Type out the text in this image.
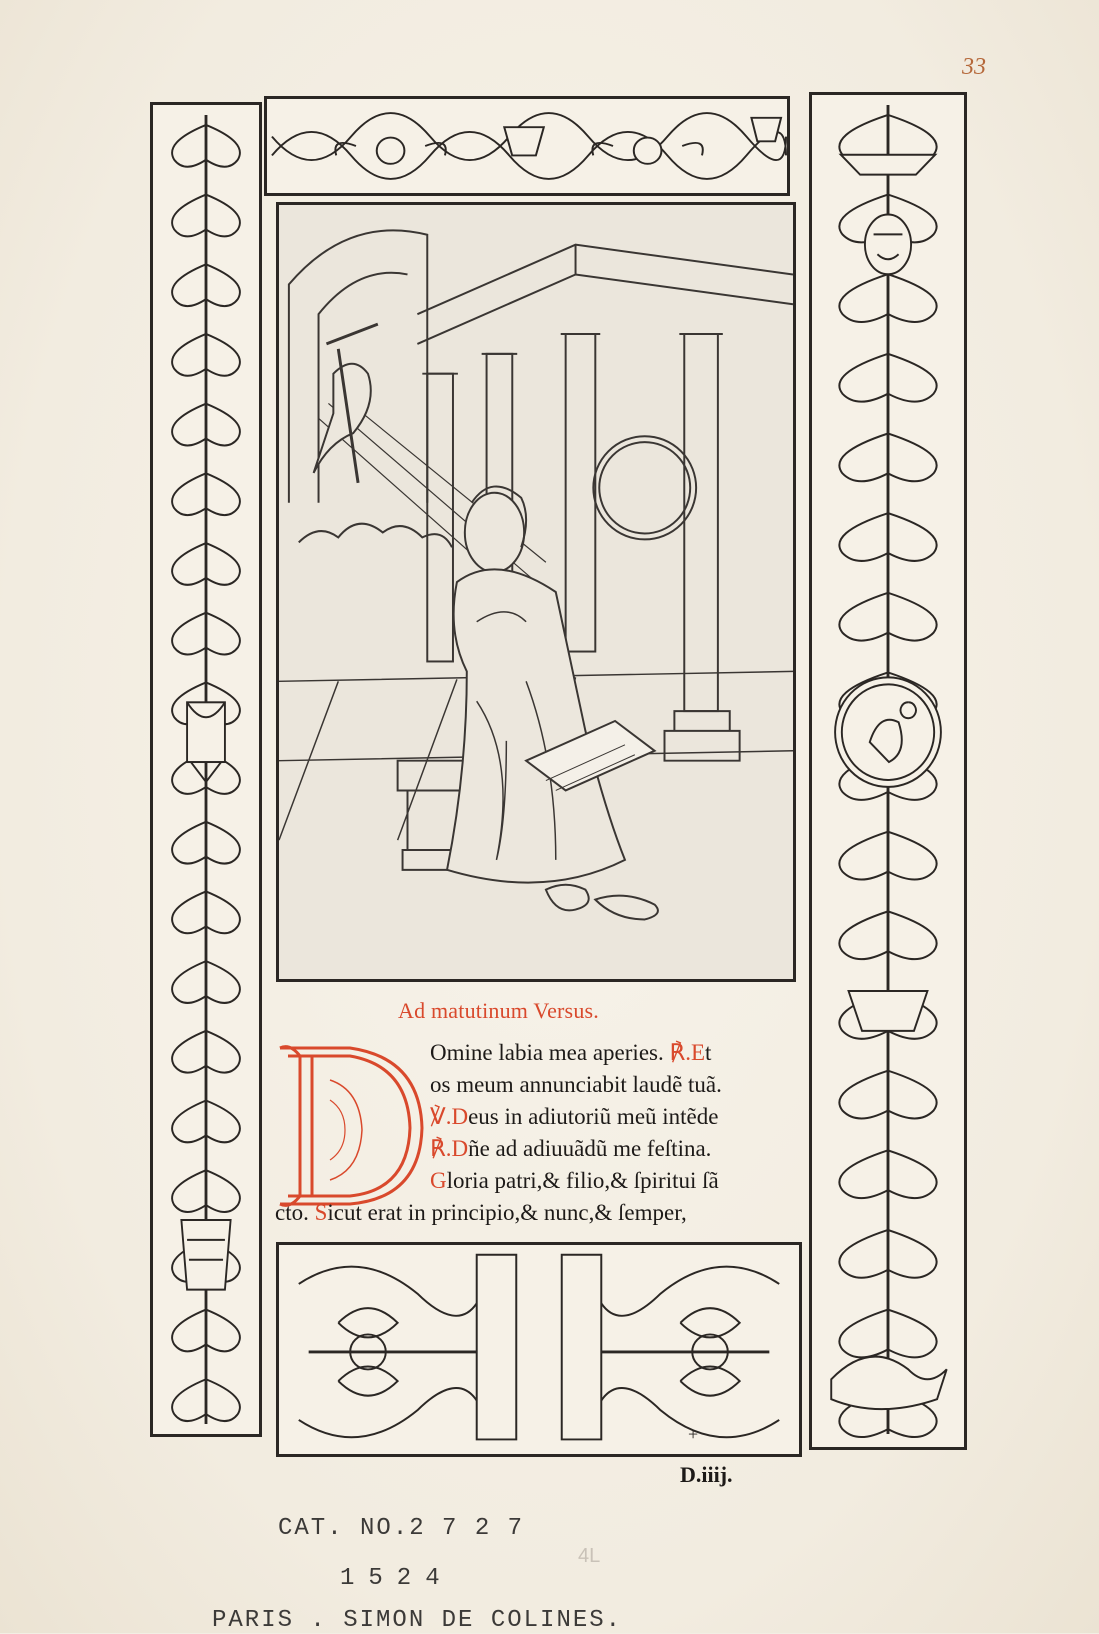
33
Ad matutinum Versus.
Omine labia mea aperies. ℟.Et
os meum annunciabit laudẽ tuã.
℣.Deus in adiutoriũ meũ intẽde
℟.Dñe ad adiuuãdũ me feſtina.
Gloria patri,& filio,& ſpiritui ſã
cto. Sicut erat in principio,& nunc,& ſemper,
+
D.iiij.
4L
CAT. NO.2 7 2 7
1524
PARIS . SIMON DE COLINES.
